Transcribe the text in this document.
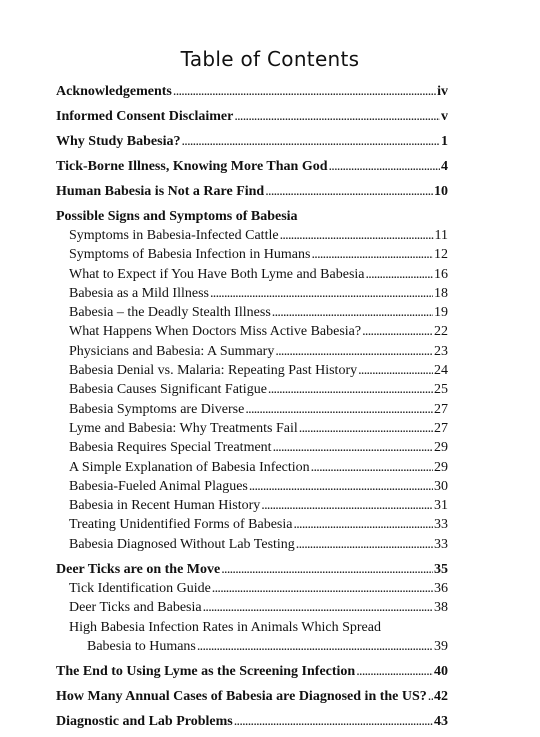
Table of Contents
Acknowledgements . . .	iv
Informed Consent Disclaimer . . .	v
Why Study Babesia? . . .	1
Tick-Borne Illness, Knowing More Than God . . .	4
Human Babesia is Not a Rare Find . . .	10
Possible Signs and Symptoms of Babesia
Symptoms in Babesia-Infected Cattle . . .	11
Symptoms of Babesia Infection in Humans . . .	12
What to Expect if You Have Both Lyme and Babesia . . .	16
Babesia as a Mild Illness . . .	18
Babesia – the Deadly Stealth Illness . . .	19
What Happens When Doctors Miss Active Babesia? . . .	22
Physicians and Babesia: A Summary . . .	23
Babesia Denial vs. Malaria: Repeating Past History . . .	24
Babesia Causes Significant Fatigue . . .	25
Babesia Symptoms are Diverse . . .	27
Lyme and Babesia: Why Treatments Fail . . .	27
Babesia Requires Special Treatment . . .	29
A Simple Explanation of Babesia Infection . . .	29
Babesia-Fueled Animal Plagues . . .	30
Babesia in Recent Human History . . .	31
Treating Unidentified Forms of Babesia . . .	33
Babesia Diagnosed Without Lab Testing . . .	33
Deer Ticks are on the Move . . .	35
Tick Identification Guide . . .	36
Deer Ticks and Babesia . . .	38
High Babesia Infection Rates in Animals Which Spread
Babesia to Humans . . .	39
The End to Using Lyme as the Screening Infection . . .	40
How Many Annual Cases of Babesia are Diagnosed in the US? . . . 42
Diagnostic and Lab Problems . . .	43
